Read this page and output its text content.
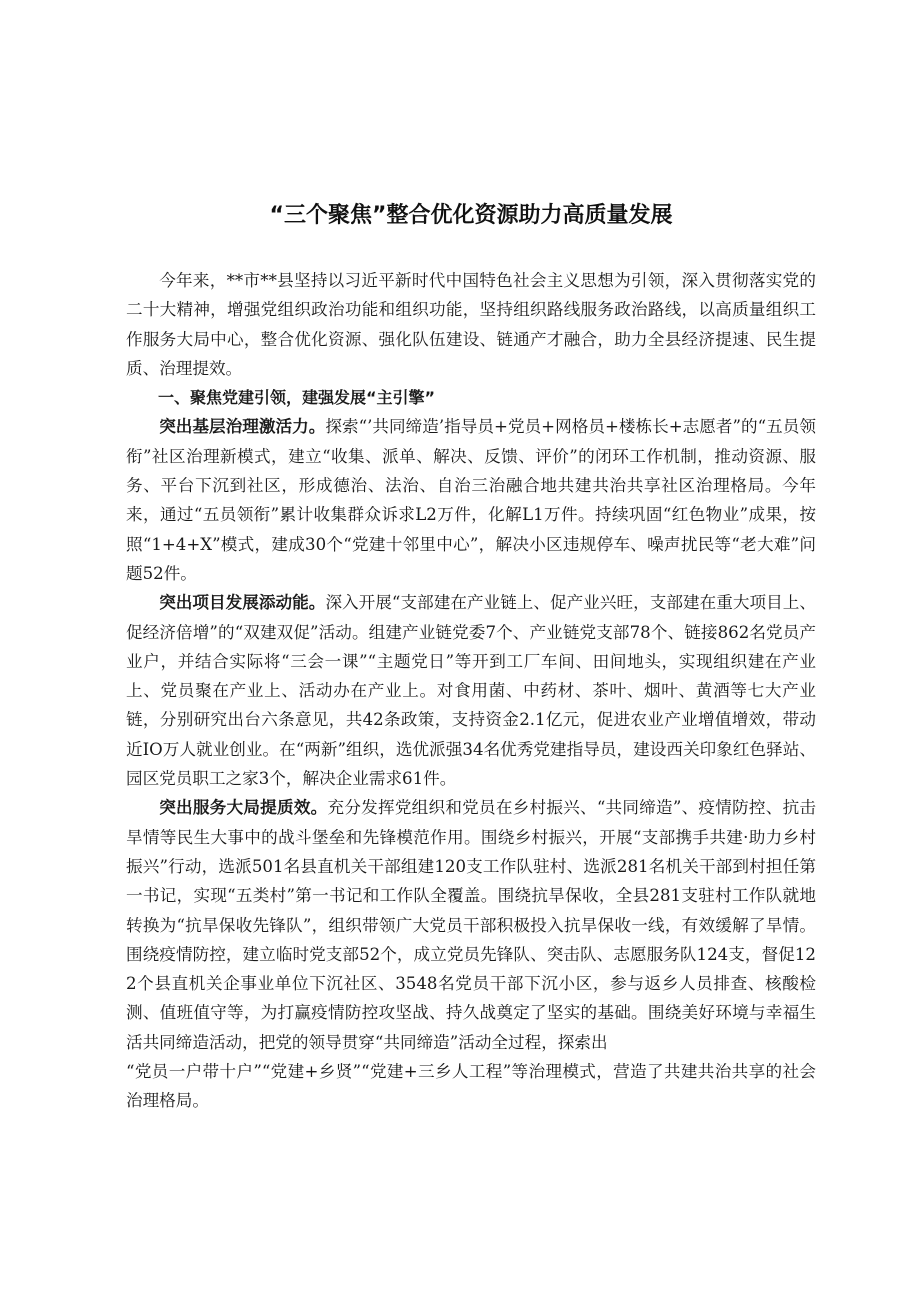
“三个聚焦”整合优化资源助力高质量发展

今年来，**市**县坚持以习近平新时代中国特色社会主义思想为引领，深入贯彻落实党的二十大精神，增强党组织政治功能和组织功能，坚持组织路线服务政治路线，以高质量组织工作服务大局中心，整合优化资源、强化队伍建设、链通产才融合，助力全县经济提速、民生提质、治理提效。

一、聚焦党建引领，建强发展“主引擎”

突出基层治理激活力。探索“’共同缔造’指导员+党员+网格员+楼栋长+志愿者”的“五员领衔”社区治理新模式，建立“收集、派单、解决、反馈、评价”的闭环工作机制，推动资源、服务、平台下沉到社区，形成德治、法治、自治三治融合地共建共治共享社区治理格局。今年来，通过“五员领衔”累计收集群众诉求L2万件，化解L1万件。持续巩固“红色物业”成果，按照“1+4+X”模式，建成30个“党建十邻里中心”，解决小区违规停车、噪声扰民等“老大难”问题52件。

突出项目发展添动能。深入开展“支部建在产业链上、促产业兴旺，支部建在重大项目上、促经济倍增”的“双建双促”活动。组建产业链党委7个、产业链党支部78个、链接862名党员产业户，并结合实际将“三会一课”“主题党日”等开到工厂车间、田间地头，实现组织建在产业上、党员聚在产业上、活动办在产业上。对食用菌、中药材、茶叶、烟叶、黄酒等七大产业链，分别研究出台六条意见，共42条政策，支持资金2.1亿元，促进农业产业增值增效，带动近IO万人就业创业。在“两新”组织，选优派强34名优秀党建指导员，建设西关印象红色驿站、园区党员职工之家3个，解决企业需求61件。

突出服务大局提质效。充分发挥党组织和党员在乡村振兴、“共同缔造”、疫情防控、抗击旱情等民生大事中的战斗堡垒和先锋模范作用。围绕乡村振兴，开展“支部携手共建·助力乡村振兴”行动，选派501名县直机关干部组建120支工作队驻村、选派281名机关干部到村担任第一书记，实现“五类村”第一书记和工作队全覆盖。围绕抗旱保收，全县281支驻村工作队就地转换为“抗旱保收先锋队”，组织带领广大党员干部积极投入抗旱保收一线，有效缓解了旱情。围绕疫情防控，建立临时党支部52个，成立党员先锋队、突击队、志愿服务队124支，督促122个县直机关企事业单位下沉社区、3548名党员干部下沉小区，参与返乡人员排查、核酸检测、值班值守等，为打赢疫情防控攻坚战、持久战奠定了坚实的基础。围绕美好环境与幸福生活共同缔造活动，把党的领导贯穿“共同缔造”活动全过程，探索出

“党员一户带十户”“党建+乡贤”“党建+三乡人工程”等治理模式，营造了共建共治共享的社会治理格局。
